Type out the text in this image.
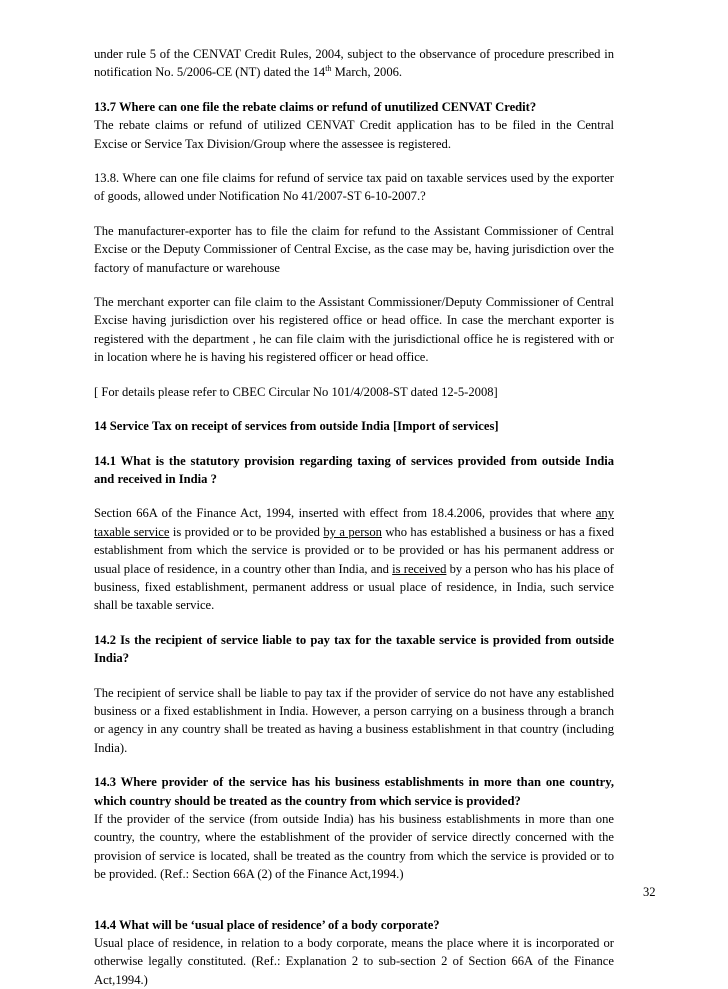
under rule 5 of the CENVAT Credit Rules, 2004, subject to the observance of procedure prescribed in notification No. 5/2006-CE (NT) dated the 14th March, 2006.

13.7 Where can one file the rebate claims or refund of unutilized CENVAT Credit?

The rebate claims or refund of utilized CENVAT Credit application has to be filed in the Central Excise or Service Tax Division/Group where the assessee is registered.

13.8. Where can one file claims for refund of service tax paid on taxable services used by the exporter of goods, allowed under Notification No 41/2007-ST 6-10-2007.?

The manufacturer-exporter has to file the claim for refund to the Assistant Commissioner of Central Excise or the Deputy Commissioner of Central Excise, as the case may be, having jurisdiction over the factory of manufacture or warehouse

The merchant exporter can file claim to the Assistant Commissioner/Deputy Commissioner of Central Excise having jurisdiction over his registered office or head office. In case the merchant exporter is registered with the department , he can file claim with the jurisdictional office he is registered with or in location where he is having his registered officer or head office.

[ For details please refer to CBEC Circular No 101/4/2008-ST dated 12-5-2008]

14 Service Tax on receipt of services from outside India [Import of services]

14.1 What is the statutory provision regarding taxing of services provided from outside India and received in India ?

Section 66A of the Finance Act, 1994, inserted with effect from 18.4.2006, provides that where any taxable service is provided or to be provided by a person who has established a business or has a fixed establishment from which the service is provided or to be provided or has his permanent address or usual place of residence, in a country other than India, and is received by a person who has his place of business, fixed establishment, permanent address or usual place of residence, in India, such service shall be taxable service.

14.2 Is the recipient of service liable to pay tax for the taxable service is provided from outside India?

The recipient of service shall be liable to pay tax if the provider of service do not have any established business or a fixed establishment in India. However, a person carrying on a business through a branch or agency in any country shall be treated as having a business establishment in that country (including India).

14.3 Where provider of the service has his business establishments in more than one country, which country should be treated as the country from which service is provided?

If the provider of the service (from outside India) has his business establishments in more than one country, the country, where the establishment of the provider of service directly concerned with the provision of service is located, shall be treated as the country from which the service is provided or to be provided. (Ref.: Section 66A (2) of the Finance Act,1994.)

14.4 What will be ‘usual place of residence’ of a body corporate?

Usual place of residence, in relation to a body corporate, means the place where it is incorporated or otherwise legally constituted. (Ref.: Explanation 2 to sub-section 2 of Section 66A of the Finance Act,1994.)

32
